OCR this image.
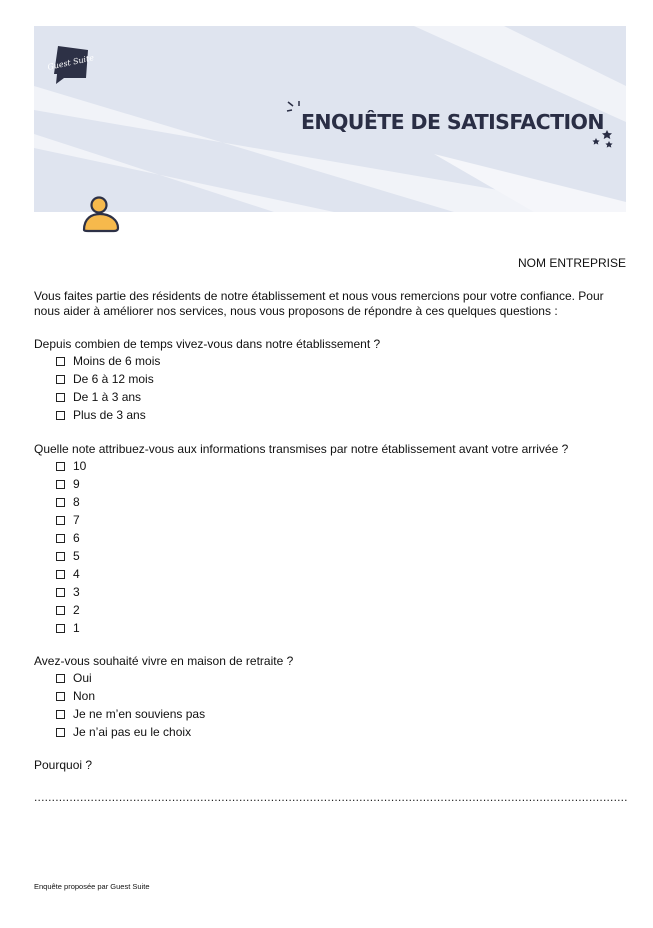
Guest Suite
ENQUÊTE DE SATISFACTION
NOM ENTREPRISE
Vous faites partie des résidents de notre établissement et nous vous remercions pour votre confiance. Pour nous aider à améliorer nos services, nous vous proposons de répondre à ces quelques questions :
Depuis combien de temps vivez-vous dans notre établissement ?
Moins de 6 mois
De 6 à 12 mois
De 1 à 3 ans
Plus de 3 ans
Quelle note attribuez-vous aux informations transmises par notre établissement avant votre arrivée ?
10
9
8
7
6
5
4
3
2
1
Avez-vous souhaité vivre en maison de retraite ?
Oui
Non
Je ne m’en souviens pas
Je n’ai pas eu le choix
Pourquoi ?
........................................................................................................................................................................
Enquête proposée par Guest Suite
